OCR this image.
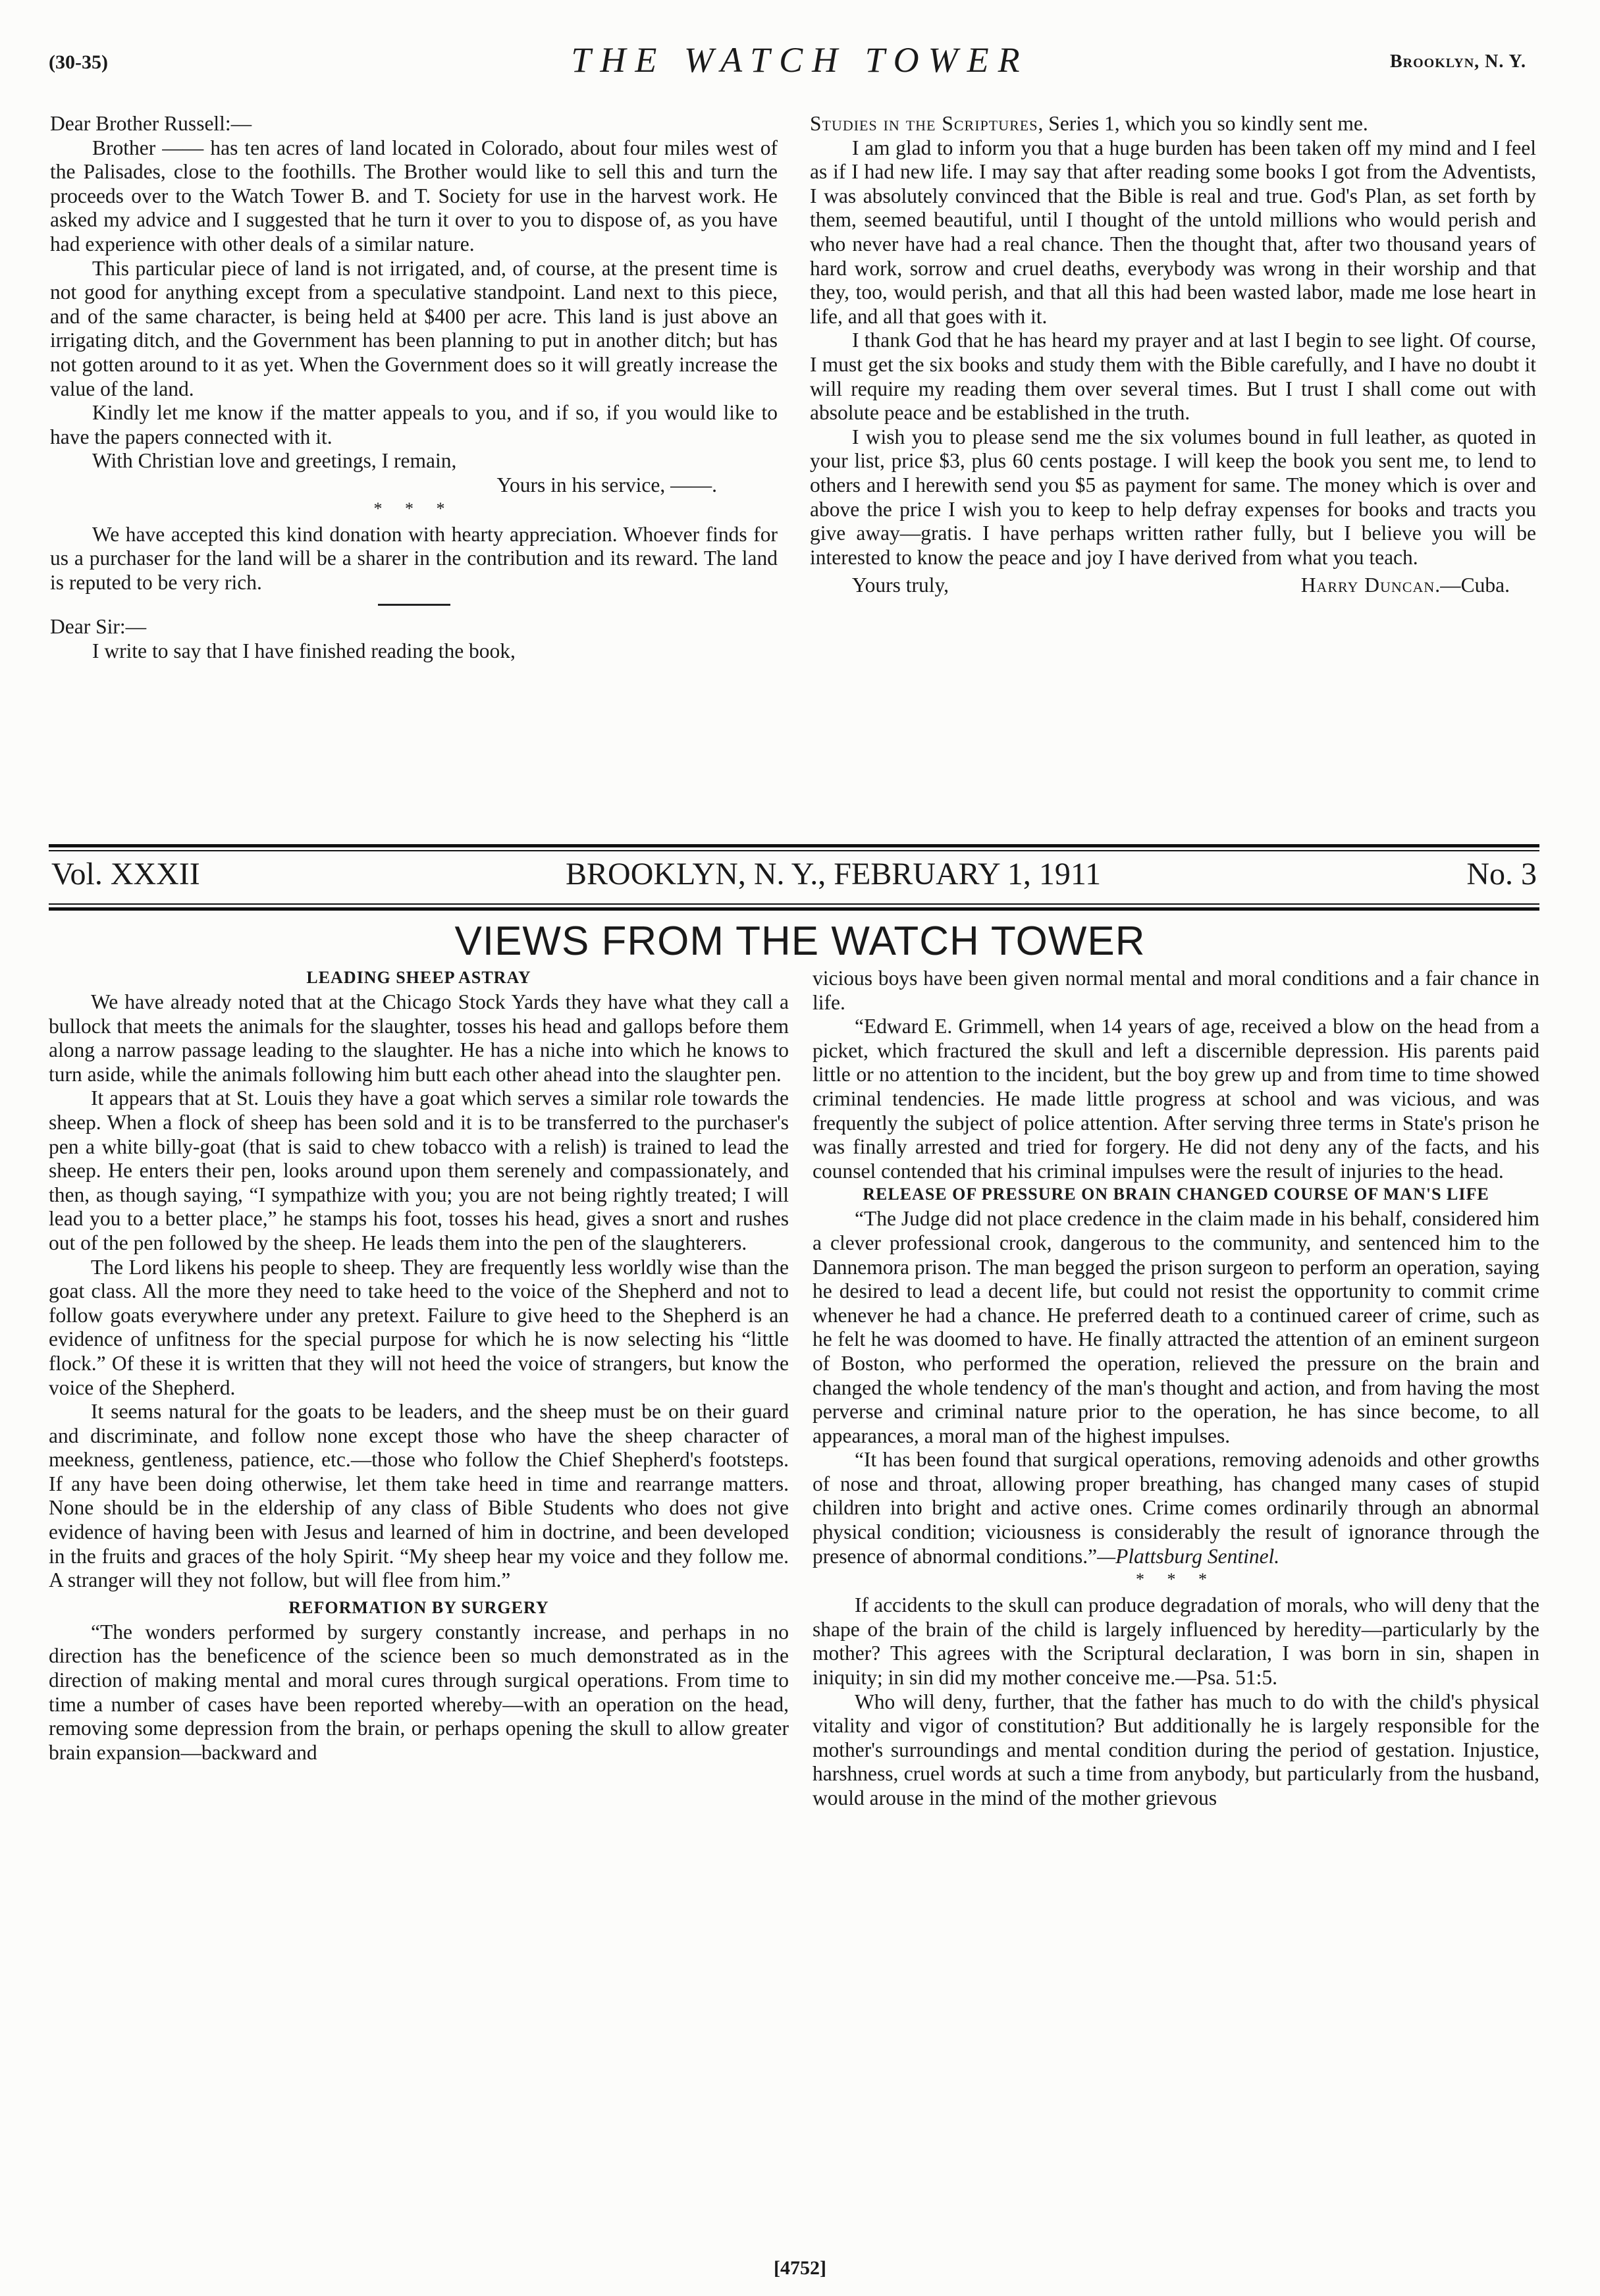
(30-35)	THE WATCH TOWER	Brooklyn, N. Y.

Dear Brother Russell:—

Brother —— has ten acres of land located in Colorado, about four miles west of the Palisades, close to the foothills. The Brother would like to sell this and turn the proceeds over to the Watch Tower B. and T. Society for use in the harvest work. He asked my advice and I suggested that he turn it over to you to dispose of, as you have had experience with other deals of a similar nature.

This particular piece of land is not irrigated, and, of course, at the present time is not good for anything except from a speculative standpoint. Land next to this piece, and of the same character, is being held at $400 per acre. This land is just above an irrigating ditch, and the Government has been planning to put in another ditch; but has not gotten around to it as yet. When the Government does so it will greatly increase the value of the land.

Kindly let me know if the matter appeals to you, and if so, if you would like to have the papers connected with it.

With Christian love and greetings, I remain,

Yours in his service, ——.

* * *

We have accepted this kind donation with hearty appreciation. Whoever finds for us a purchaser for the land will be a sharer in the contribution and its reward. The land is reputed to be very rich.

Dear Sir:—

I write to say that I have finished reading the book,

Studies in the Scriptures, Series 1, which you so kindly sent me.

I am glad to inform you that a huge burden has been taken off my mind and I feel as if I had new life. I may say that after reading some books I got from the Adventists, I was absolutely convinced that the Bible is real and true. God's Plan, as set forth by them, seemed beautiful, until I thought of the untold millions who would perish and who never have had a real chance. Then the thought that, after two thousand years of hard work, sorrow and cruel deaths, everybody was wrong in their worship and that they, too, would perish, and that all this had been wasted labor, made me lose heart in life, and all that goes with it.

I thank God that he has heard my prayer and at last I begin to see light. Of course, I must get the six books and study them with the Bible carefully, and I have no doubt it will require my reading them over several times. But I trust I shall come out with absolute peace and be established in the truth.

I wish you to please send me the six volumes bound in full leather, as quoted in your list, price $3, plus 60 cents postage. I will keep the book you sent me, to lend to others and I herewith send you $5 as payment for same. The money which is over and above the price I wish you to keep to help defray expenses for books and tracts you give away—gratis. I have perhaps written rather fully, but I believe you will be interested to know the peace and joy I have derived from what you teach.

Yours truly,	Harry Duncan.—Cuba.
Vol. XXXII	BROOKLYN, N. Y., FEBRUARY 1, 1911	No. 3
VIEWS FROM THE WATCH TOWER
LEADING SHEEP ASTRAY

We have already noted that at the Chicago Stock Yards they have what they call a bullock that meets the animals for the slaughter, tosses his head and gallops before them along a narrow passage leading to the slaughter. He has a niche into which he knows to turn aside, while the animals following him butt each other ahead into the slaughter pen.

It appears that at St. Louis they have a goat which serves a similar role towards the sheep. When a flock of sheep has been sold and it is to be transferred to the purchaser's pen a white billy-goat (that is said to chew tobacco with a relish) is trained to lead the sheep. He enters their pen, looks around upon them serenely and compassionately, and then, as though saying, “I sympathize with you; you are not being rightly treated; I will lead you to a better place,” he stamps his foot, tosses his head, gives a snort and rushes out of the pen followed by the sheep. He leads them into the pen of the slaughterers.

The Lord likens his people to sheep. They are frequently less worldly wise than the goat class. All the more they need to take heed to the voice of the Shepherd and not to follow goats everywhere under any pretext. Failure to give heed to the Shepherd is an evidence of unfitness for the special purpose for which he is now selecting his “little flock.” Of these it is written that they will not heed the voice of strangers, but know the voice of the Shepherd.

It seems natural for the goats to be leaders, and the sheep must be on their guard and discriminate, and follow none except those who have the sheep character of meekness, gentleness, patience, etc.—those who follow the Chief Shepherd's footsteps. If any have been doing otherwise, let them take heed in time and rearrange matters. None should be in the eldership of any class of Bible Students who does not give evidence of having been with Jesus and learned of him in doctrine, and been developed in the fruits and graces of the holy Spirit. “My sheep hear my voice and they follow me. A stranger will they not follow, but will flee from him.”

REFORMATION BY SURGERY

“The wonders performed by surgery constantly increase, and perhaps in no direction has the beneficence of the science been so much demonstrated as in the direction of making mental and moral cures through surgical operations. From time to time a number of cases have been reported whereby—with an operation on the head, removing some depression from the brain, or perhaps opening the skull to allow greater brain expansion—backward and

vicious boys have been given normal mental and moral conditions and a fair chance in life.

“Edward E. Grimmell, when 14 years of age, received a blow on the head from a picket, which fractured the skull and left a discernible depression. His parents paid little or no attention to the incident, but the boy grew up and from time to time showed criminal tendencies. He made little progress at school and was vicious, and was frequently the subject of police attention. After serving three terms in State's prison he was finally arrested and tried for forgery. He did not deny any of the facts, and his counsel contended that his criminal impulses were the result of injuries to the head.

RELEASE OF PRESSURE ON BRAIN CHANGED COURSE OF MAN'S LIFE

“The Judge did not place credence in the claim made in his behalf, considered him a clever professional crook, dangerous to the community, and sentenced him to the Dannemora prison. The man begged the prison surgeon to perform an operation, saying he desired to lead a decent life, but could not resist the opportunity to commit crime whenever he had a chance. He preferred death to a continued career of crime, such as he felt he was doomed to have. He finally attracted the attention of an eminent surgeon of Boston, who performed the operation, relieved the pressure on the brain and changed the whole tendency of the man's thought and action, and from having the most perverse and criminal nature prior to the operation, he has since become, to all appearances, a moral man of the highest impulses.

“It has been found that surgical operations, removing adenoids and other growths of nose and throat, allowing proper breathing, has changed many cases of stupid children into bright and active ones. Crime comes ordinarily through an abnormal physical condition; viciousness is considerably the result of ignorance through the presence of abnormal conditions.”—Plattsburg Sentinel.

* * *

If accidents to the skull can produce degradation of morals, who will deny that the shape of the brain of the child is largely influenced by heredity—particularly by the mother? This agrees with the Scriptural declaration, I was born in sin, shapen in iniquity; in sin did my mother conceive me.—Psa. 51:5.

Who will deny, further, that the father has much to do with the child's physical vitality and vigor of constitution? But additionally he is largely responsible for the mother's surroundings and mental condition during the period of gestation. Injustice, harshness, cruel words at such a time from anybody, but particularly from the husband, would arouse in the mind of the mother grievous

[4752]
